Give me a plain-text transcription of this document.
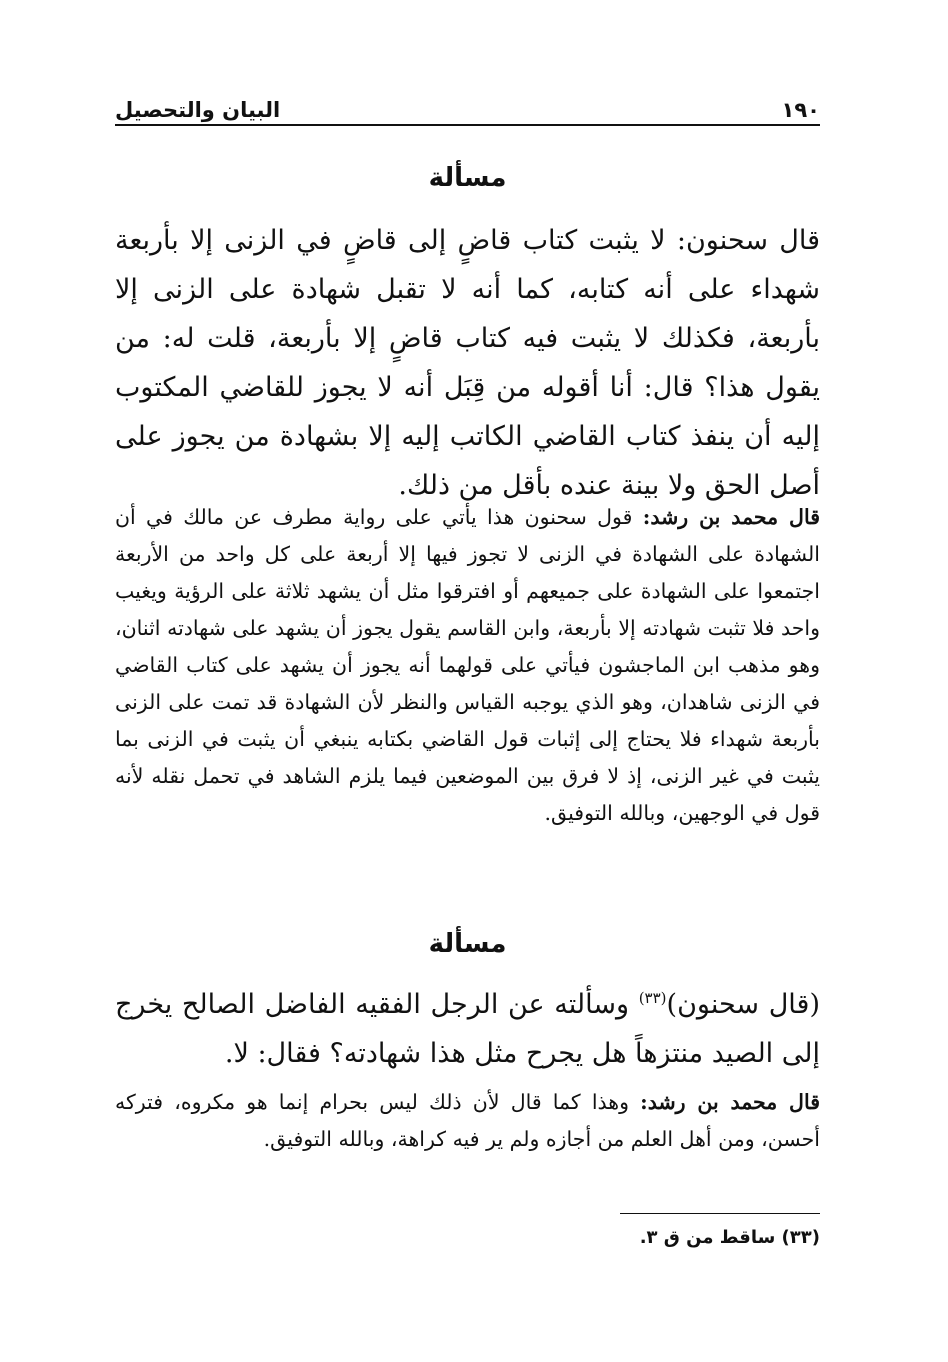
البيان والتحصيل	١٩٠
مسألة
قال سحنون: لا يثبت كتاب قاضٍ إلى قاضٍ في الزنى إلا بأربعة شهداء على أنه كتابه، كما أنه لا تقبل شهادة على الزنى إلا بأربعة، فكذلك لا يثبت فيه كتاب قاضٍ إلا بأربعة، قلت له: من يقول هذا؟ قال: أنا أقوله من قِبَل أنه لا يجوز للقاضي المكتوب إليه أن ينفذ كتاب القاضي الكاتب إليه إلا بشهادة من يجوز على أصل الحق ولا بينة عنده بأقل من ذلك.
قال محمد بن رشد: قول سحنون هذا يأتي على رواية مطرف عن مالك في أن الشهادة على الشهادة في الزنى لا تجوز فيها إلا أربعة على كل واحد من الأربعة اجتمعوا على الشهادة على جميعهم أو افترقوا مثل أن يشهد ثلاثة على الرؤية ويغيب واحد فلا تثبت شهادته إلا بأربعة، وابن القاسم يقول يجوز أن يشهد على شهادته اثنان، وهو مذهب ابن الماجشون فيأتي على قولهما أنه يجوز أن يشهد على كتاب القاضي في الزنى شاهدان، وهو الذي يوجبه القياس والنظر لأن الشهادة قد تمت على الزنى بأربعة شهداء فلا يحتاج إلى إثبات قول القاضي بكتابه ينبغي أن يثبت في الزنى بما يثبت في غير الزنى، إذ لا فرق بين الموضعين فيما يلزم الشاهد في تحمل نقله لأنه قول في الوجهين، وبالله التوفيق.
مسألة
(قال سحنون)$^{(٣٣)}$ وسألته عن الرجل الفقيه الفاضل الصالح يخرج إلى الصيد منتزهاً هل يجرح مثل هذا شهادته؟ فقال: لا.
قال محمد بن رشد: وهذا كما قال لأن ذلك ليس بحرام إنما هو مكروه، فتركه أحسن، ومن أهل العلم من أجازه ولم ير فيه كراهة، وبالله التوفيق.
(٣٣) ساقط من ق ٣.
